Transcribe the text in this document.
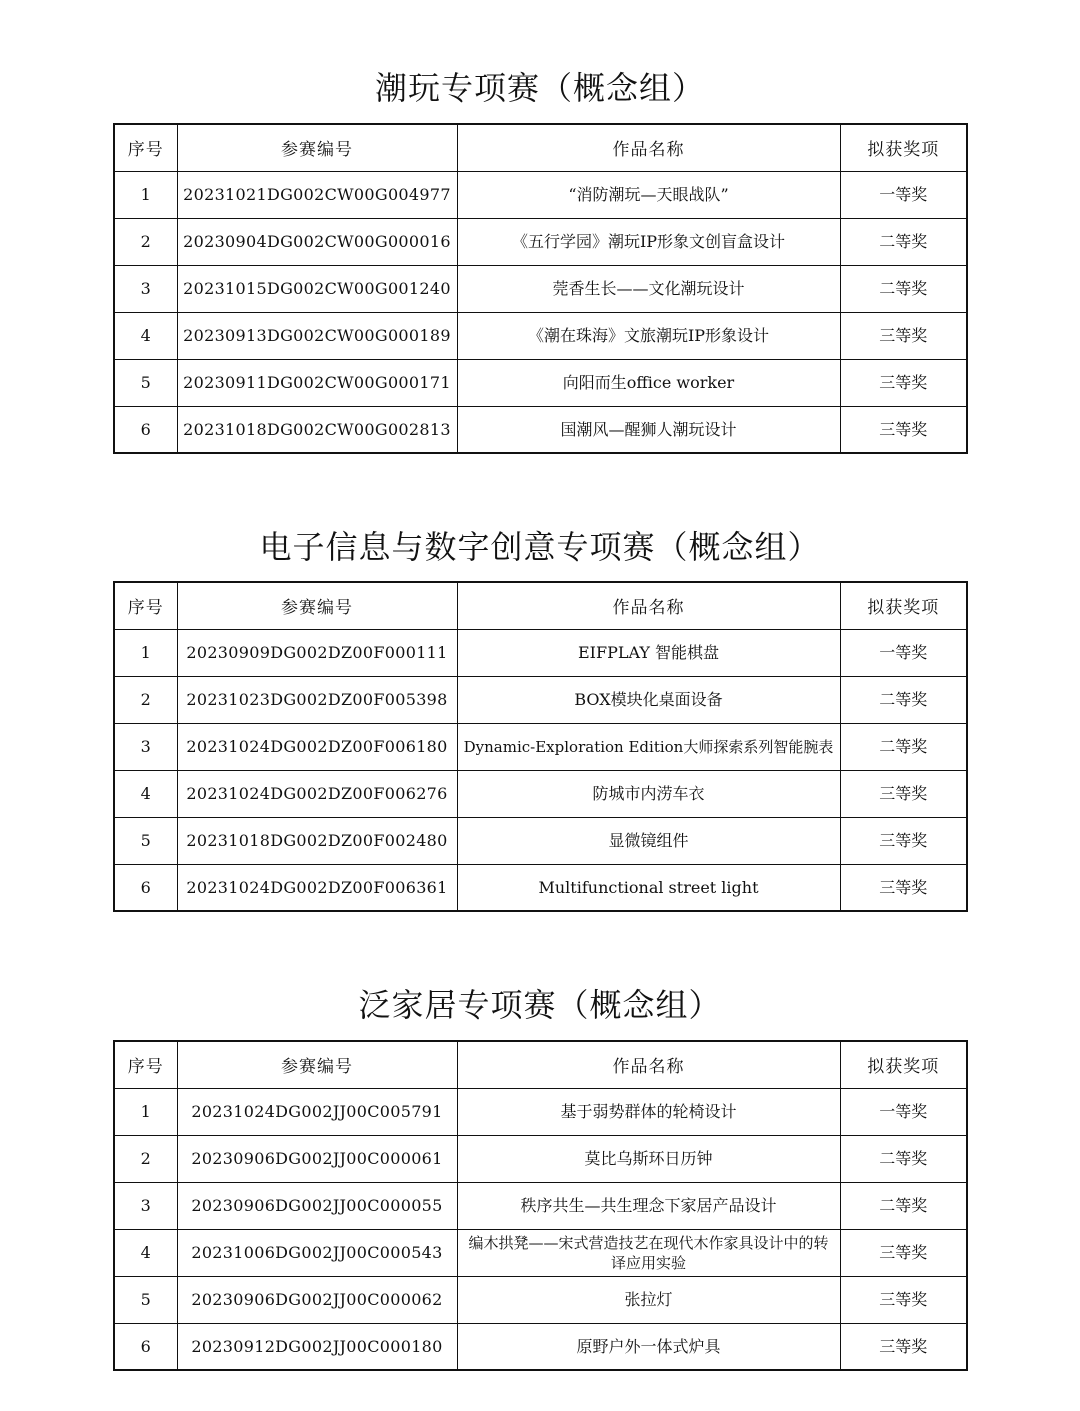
潮玩专项赛（概念组）
序号	参赛编号	作品名称	拟获奖项
1	20231021DG002CW00G004977	“消防潮玩—天眼战队”	一等奖
2	20230904DG002CW00G000016	《五行学园》潮玩IP形象文创盲盒设计	二等奖
3	20231015DG002CW00G001240	莞香生长——文化潮玩设计	二等奖
4	20230913DG002CW00G000189	《潮在珠海》文旅潮玩IP形象设计	三等奖
5	20230911DG002CW00G000171	向阳而生office worker	三等奖
6	20231018DG002CW00G002813	国潮风—醒狮人潮玩设计	三等奖
电子信息与数字创意专项赛（概念组）
序号	参赛编号	作品名称	拟获奖项
1	20230909DG002DZ00F000111	EIFPLAY 智能棋盘	一等奖
2	20231023DG002DZ00F005398	BOX模块化桌面设备	二等奖
3	20231024DG002DZ00F006180	Dynamic-Exploration Edition大师探索系列智能腕表	二等奖
4	20231024DG002DZ00F006276	防城市内涝车衣	三等奖
5	20231018DG002DZ00F002480	显微镜组件	三等奖
6	20231024DG002DZ00F006361	Multifunctional street light	三等奖
泛家居专项赛（概念组）
序号	参赛编号	作品名称	拟获奖项
1	20231024DG002JJ00C005791	基于弱势群体的轮椅设计	一等奖
2	20230906DG002JJ00C000061	莫比乌斯环日历钟	二等奖
3	20230906DG002JJ00C000055	秩序共生—共生理念下家居产品设计	二等奖
4	20231006DG002JJ00C000543	编木拱凳——宋式营造技艺在现代木作家具设计中的转译应用实验	三等奖
5	20230906DG002JJ00C000062	张拉灯	三等奖
6	20230912DG002JJ00C000180	原野户外一体式炉具	三等奖
